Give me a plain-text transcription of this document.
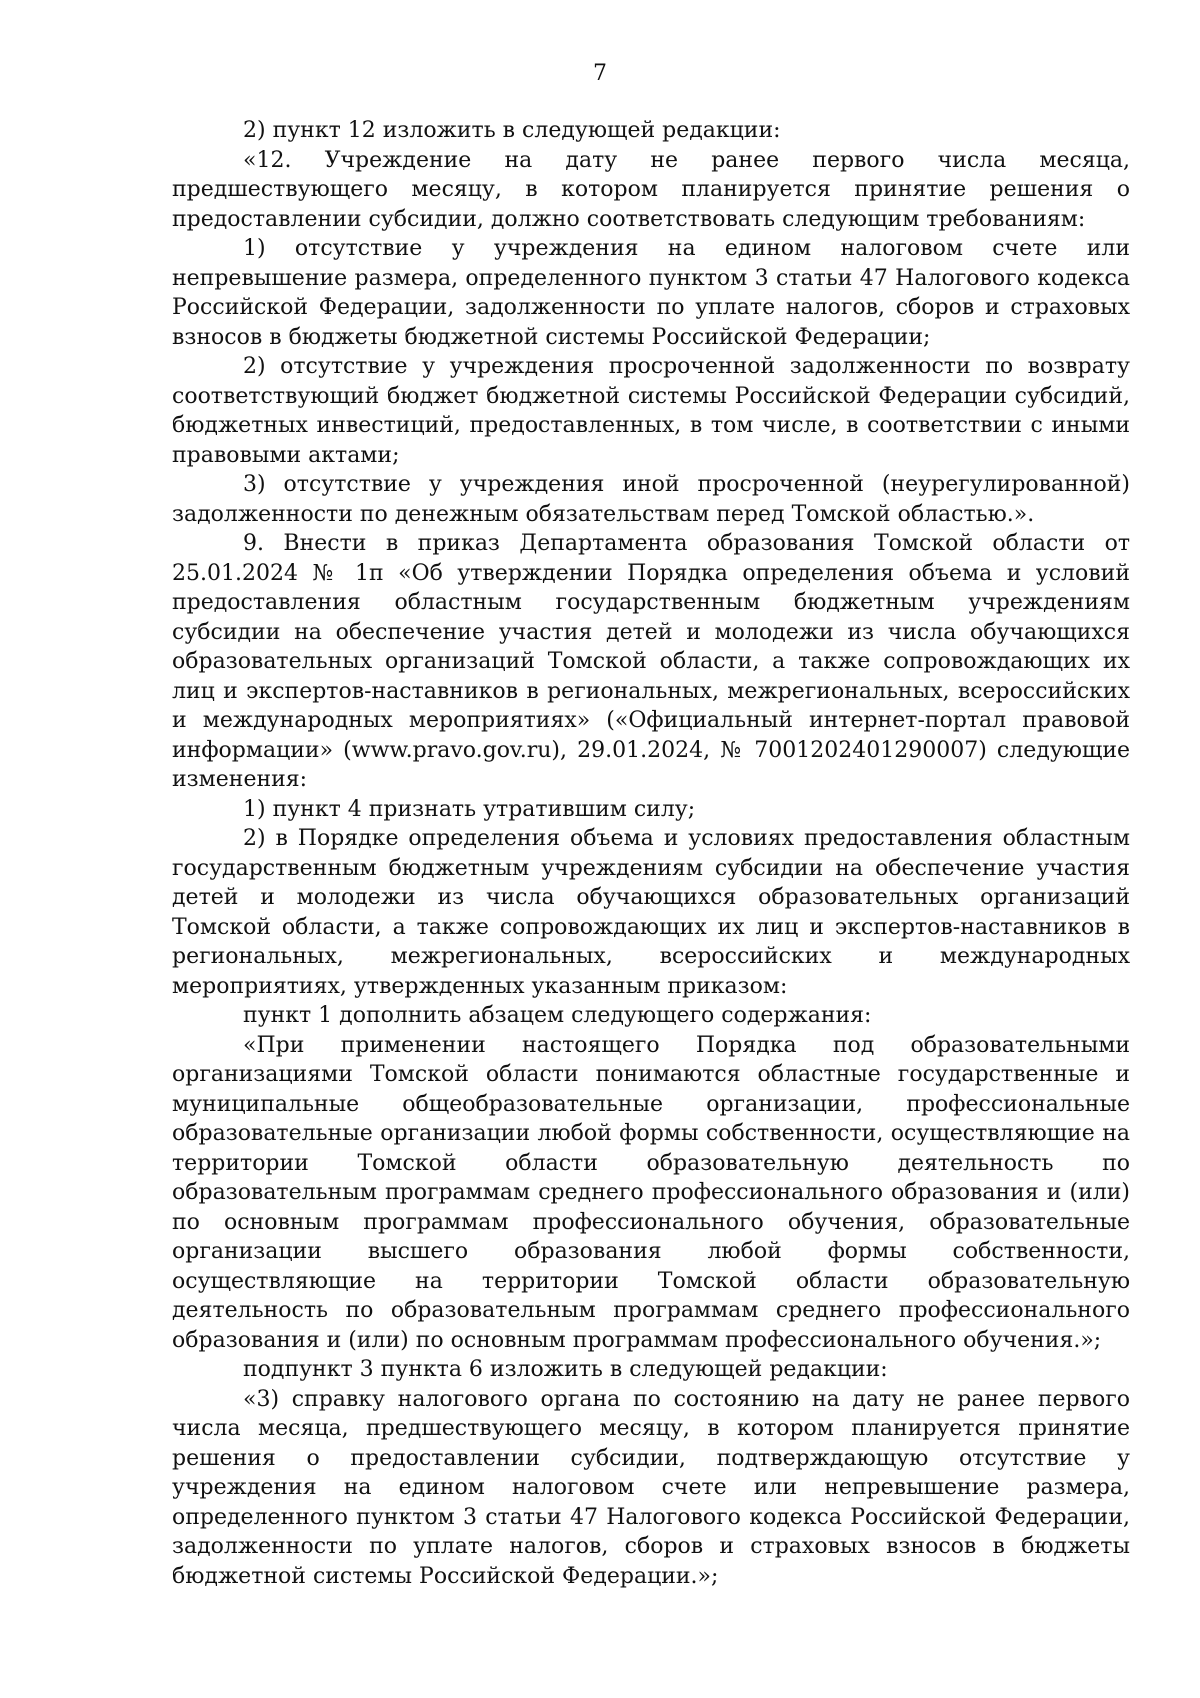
7

2) пункт 12 изложить в следующей редакции:

«12. Учреждение на дату не ранее первого числа месяца, предшествующего месяцу, в котором планируется принятие решения о предоставлении субсидии, должно соответствовать следующим требованиям:

1) отсутствие у учреждения на едином налоговом счете или непревышение размера, определенного пунктом 3 статьи 47 Налогового кодекса Российской Федерации, задолженности по уплате налогов, сборов и страховых взносов в бюджеты бюджетной системы Российской Федерации;

2) отсутствие у учреждения просроченной задолженности по возврату соответствующий бюджет бюджетной системы Российской Федерации субсидий, бюджетных инвестиций, предоставленных, в том числе, в соответствии с иными правовыми актами;

3) отсутствие у учреждения иной просроченной (неурегулированной) задолженности по денежным обязательствам перед Томской областью.».

9. Внести в приказ Департамента образования Томской области от 25.01.2024 № 1п «Об утверждении Порядка определения объема и условий предоставления областным государственным бюджетным учреждениям субсидии на обеспечение участия детей и молодежи из числа обучающихся образовательных организаций Томской области, а также сопровождающих их лиц и экспертов-наставников в региональных, межрегиональных, всероссийских и международных мероприятиях» («Официальный интернет-портал правовой информации» (www.pravo.gov.ru), 29.01.2024, № 7001202401290007) следующие изменения:

1) пункт 4 признать утратившим силу;

2) в Порядке определения объема и условиях предоставления областным государственным бюджетным учреждениям субсидии на обеспечение участия детей и молодежи из числа обучающихся образовательных организаций Томской области, а также сопровождающих их лиц и экспертов-наставников в региональных, межрегиональных, всероссийских и международных мероприятиях, утвержденных указанным приказом:

пункт 1 дополнить абзацем следующего содержания:

«При применении настоящего Порядка под образовательными организациями Томской области понимаются областные государственные и муниципальные общеобразовательные организации, профессиональные образовательные организации любой формы собственности, осуществляющие на территории Томской области образовательную деятельность по образовательным программам среднего профессионального образования и (или) по основным программам профессионального обучения, образовательные организации высшего образования любой формы собственности, осуществляющие на территории Томской области образовательную деятельность по образовательным программам среднего профессионального образования и (или) по основным программам профессионального обучения.»;

подпункт 3 пункта 6 изложить в следующей редакции:

«3) справку налогового органа по состоянию на дату не ранее первого числа месяца, предшествующего месяцу, в котором планируется принятие решения о предоставлении субсидии, подтверждающую отсутствие у учреждения на едином налоговом счете или непревышение размера, определенного пунктом 3 статьи 47 Налогового кодекса Российской Федерации, задолженности по уплате налогов, сборов и страховых взносов в бюджеты бюджетной системы Российской Федерации.»;
